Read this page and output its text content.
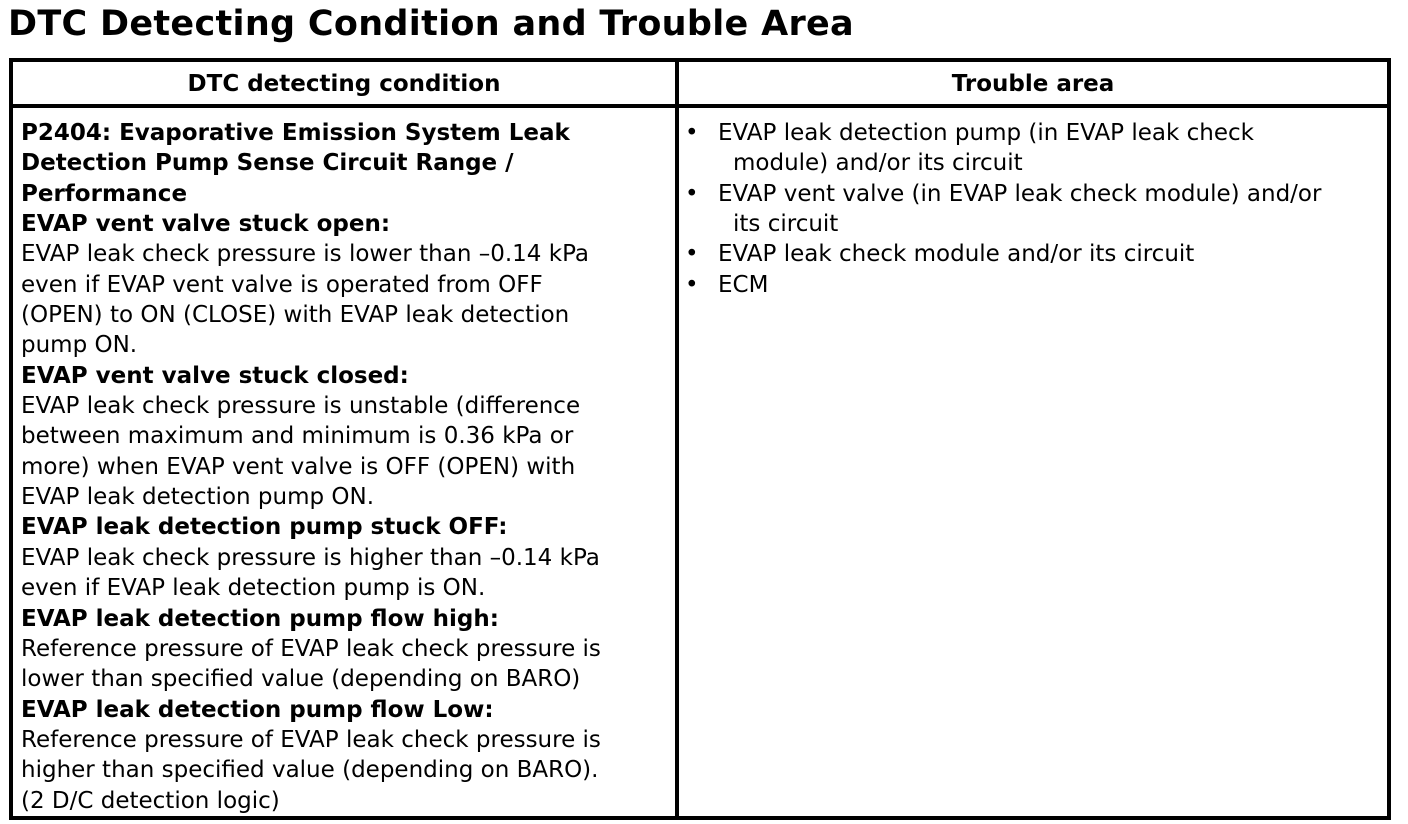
DTC Detecting Condition and Trouble Area
DTC detecting condition	Trouble area
P2404: Evaporative Emission System Leak
Detection Pump Sense Circuit Range /
Performance
EVAP vent valve stuck open:
EVAP leak check pressure is lower than –0.14 kPa
even if EVAP vent valve is operated from OFF
(OPEN) to ON (CLOSE) with EVAP leak detection
pump ON.
EVAP vent valve stuck closed:
EVAP leak check pressure is unstable (difference
between maximum and minimum is 0.36 kPa or
more) when EVAP vent valve is OFF (OPEN) with
EVAP leak detection pump ON.
EVAP leak detection pump stuck OFF:
EVAP leak check pressure is higher than –0.14 kPa
even if EVAP leak detection pump is ON.
EVAP leak detection pump flow high:
Reference pressure of EVAP leak check pressure is
lower than specified value (depending on BARO)
EVAP leak detection pump flow Low:
Reference pressure of EVAP leak check pressure is
higher than specified value (depending on BARO).
(2 D/C detection logic)
• EVAP leak detection pump (in EVAP leak check
module) and/or its circuit
• EVAP vent valve (in EVAP leak check module) and/or
its circuit
• EVAP leak check module and/or its circuit
• ECM
